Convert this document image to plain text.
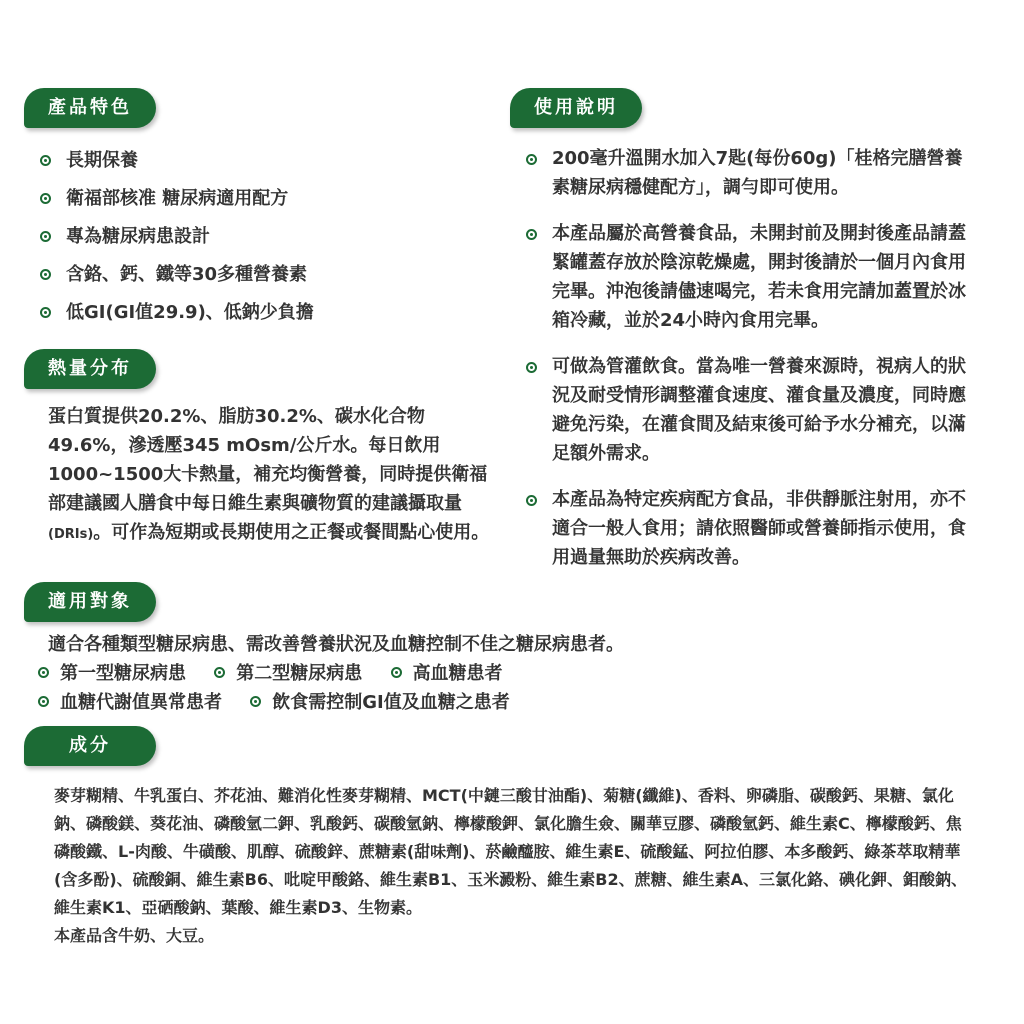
產品特色
長期保養
衛福部核准 糖尿病適用配方
專為糖尿病患設計
含鉻、鈣、鐵等30多種營養素
低GI(GI值29.9)、低鈉少負擔
熱量分布
蛋白質提供20.2%、脂肪30.2%、碳水化合物49.6%，滲透壓345 mOsm/公斤水。每日飲用1000~1500大卡熱量，補充均衡營養，同時提供衛福部建議國人膳食中每日維生素與礦物質的建議攝取量(DRIs)。可作為短期或長期使用之正餐或餐間點心使用。
使用說明
200毫升溫開水加入7匙(每份60g)「桂格完膳營養素糖尿病穩健配方」，調勻即可使用。
本產品屬於高營養食品，未開封前及開封後產品請蓋緊罐蓋存放於陰涼乾燥處，開封後請於一個月內食用完畢。沖泡後請儘速喝完，若未食用完請加蓋置於冰箱冷藏，並於24小時內食用完畢。
可做為管灌飲食。當為唯一營養來源時，視病人的狀況及耐受情形調整灌食速度、灌食量及濃度，同時應避免污染，在灌食間及結束後可給予水分補充，以滿足額外需求。
本產品為特定疾病配方食品，非供靜脈注射用，亦不適合一般人食用；請依照醫師或營養師指示使用，食用過量無助於疾病改善。
適用對象
適合各種類型糖尿病患、需改善營養狀況及血糖控制不佳之糖尿病患者。
第一型糖尿病患	第二型糖尿病患	高血糖患者
血糖代謝值異常患者	飲食需控制GI值及血糖之患者
成分
麥芽糊精、牛乳蛋白、芥花油、難消化性麥芽糊精、MCT(中鏈三酸甘油酯)、菊糖(纖維)、香料、卵磷脂、碳酸鈣、果糖、氯化鈉、磷酸鎂、葵花油、磷酸氫二鉀、乳酸鈣、碳酸氫鈉、檸檬酸鉀、氯化膽生僉、關華豆膠、磷酸氫鈣、維生素C、檸檬酸鈣、焦磷酸鐵、L-肉酸、牛磺酸、肌醇、硫酸鋅、蔗糖素(甜味劑)、菸鹼醯胺、維生素E、硫酸錳、阿拉伯膠、本多酸鈣、綠茶萃取精華(含多酚)、硫酸銅、維生素B6、吡啶甲酸鉻、維生素B1、玉米澱粉、維生素B2、蔗糖、維生素A、三氯化鉻、碘化鉀、鉬酸鈉、維生素K1、亞硒酸鈉、葉酸、維生素D3、生物素。
本產品含牛奶、大豆。
